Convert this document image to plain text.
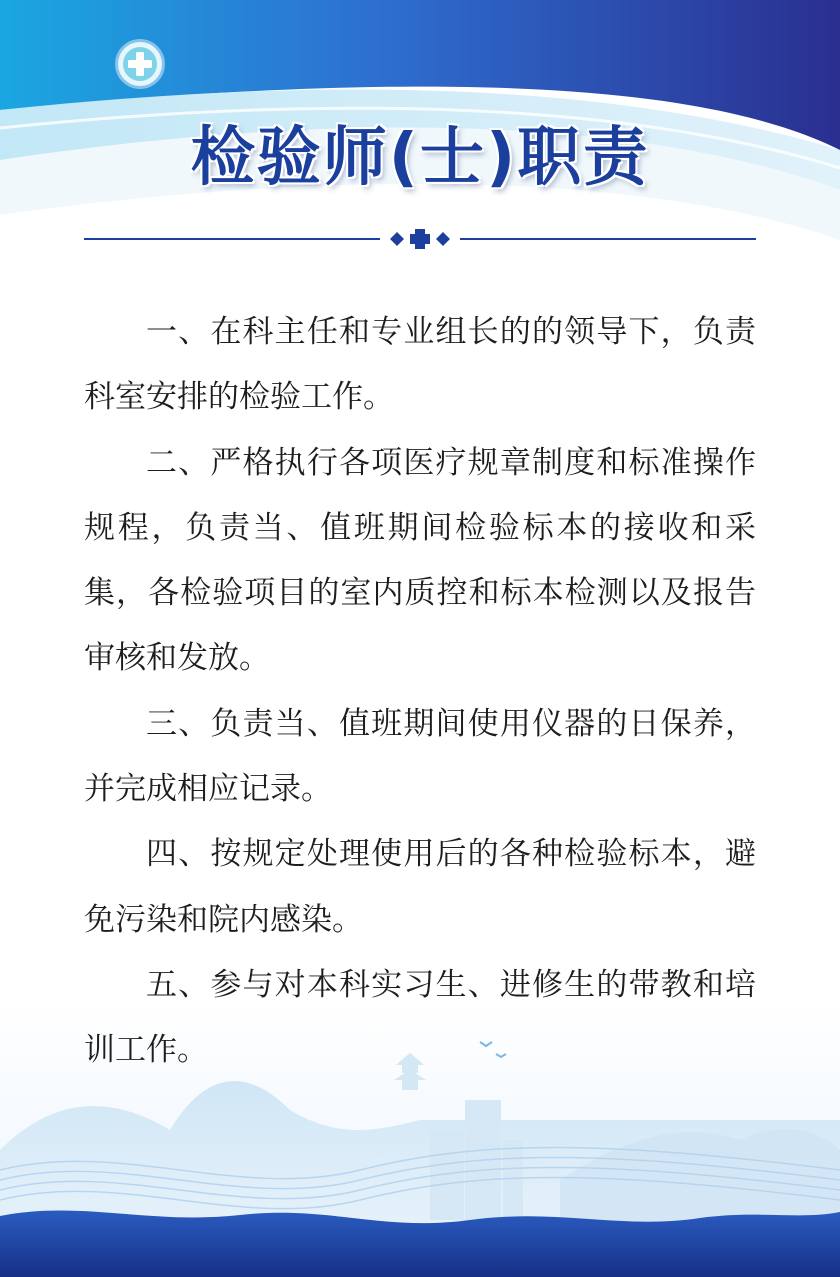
检验师(士)职责

一、在科主任和专业组长的的领导下，负责科室安排的检验工作。

二、严格执行各项医疗规章制度和标准操作规程，负责当、值班期间检验标本的接收和采集，各检验项目的室内质控和标本检测以及报告审核和发放。

三、负责当、值班期间使用仪器的日保养，并完成相应记录。

四、按规定处理使用后的各种检验标本，避免污染和院内感染。

五、参与对本科实习生、进修生的带教和培训工作。
